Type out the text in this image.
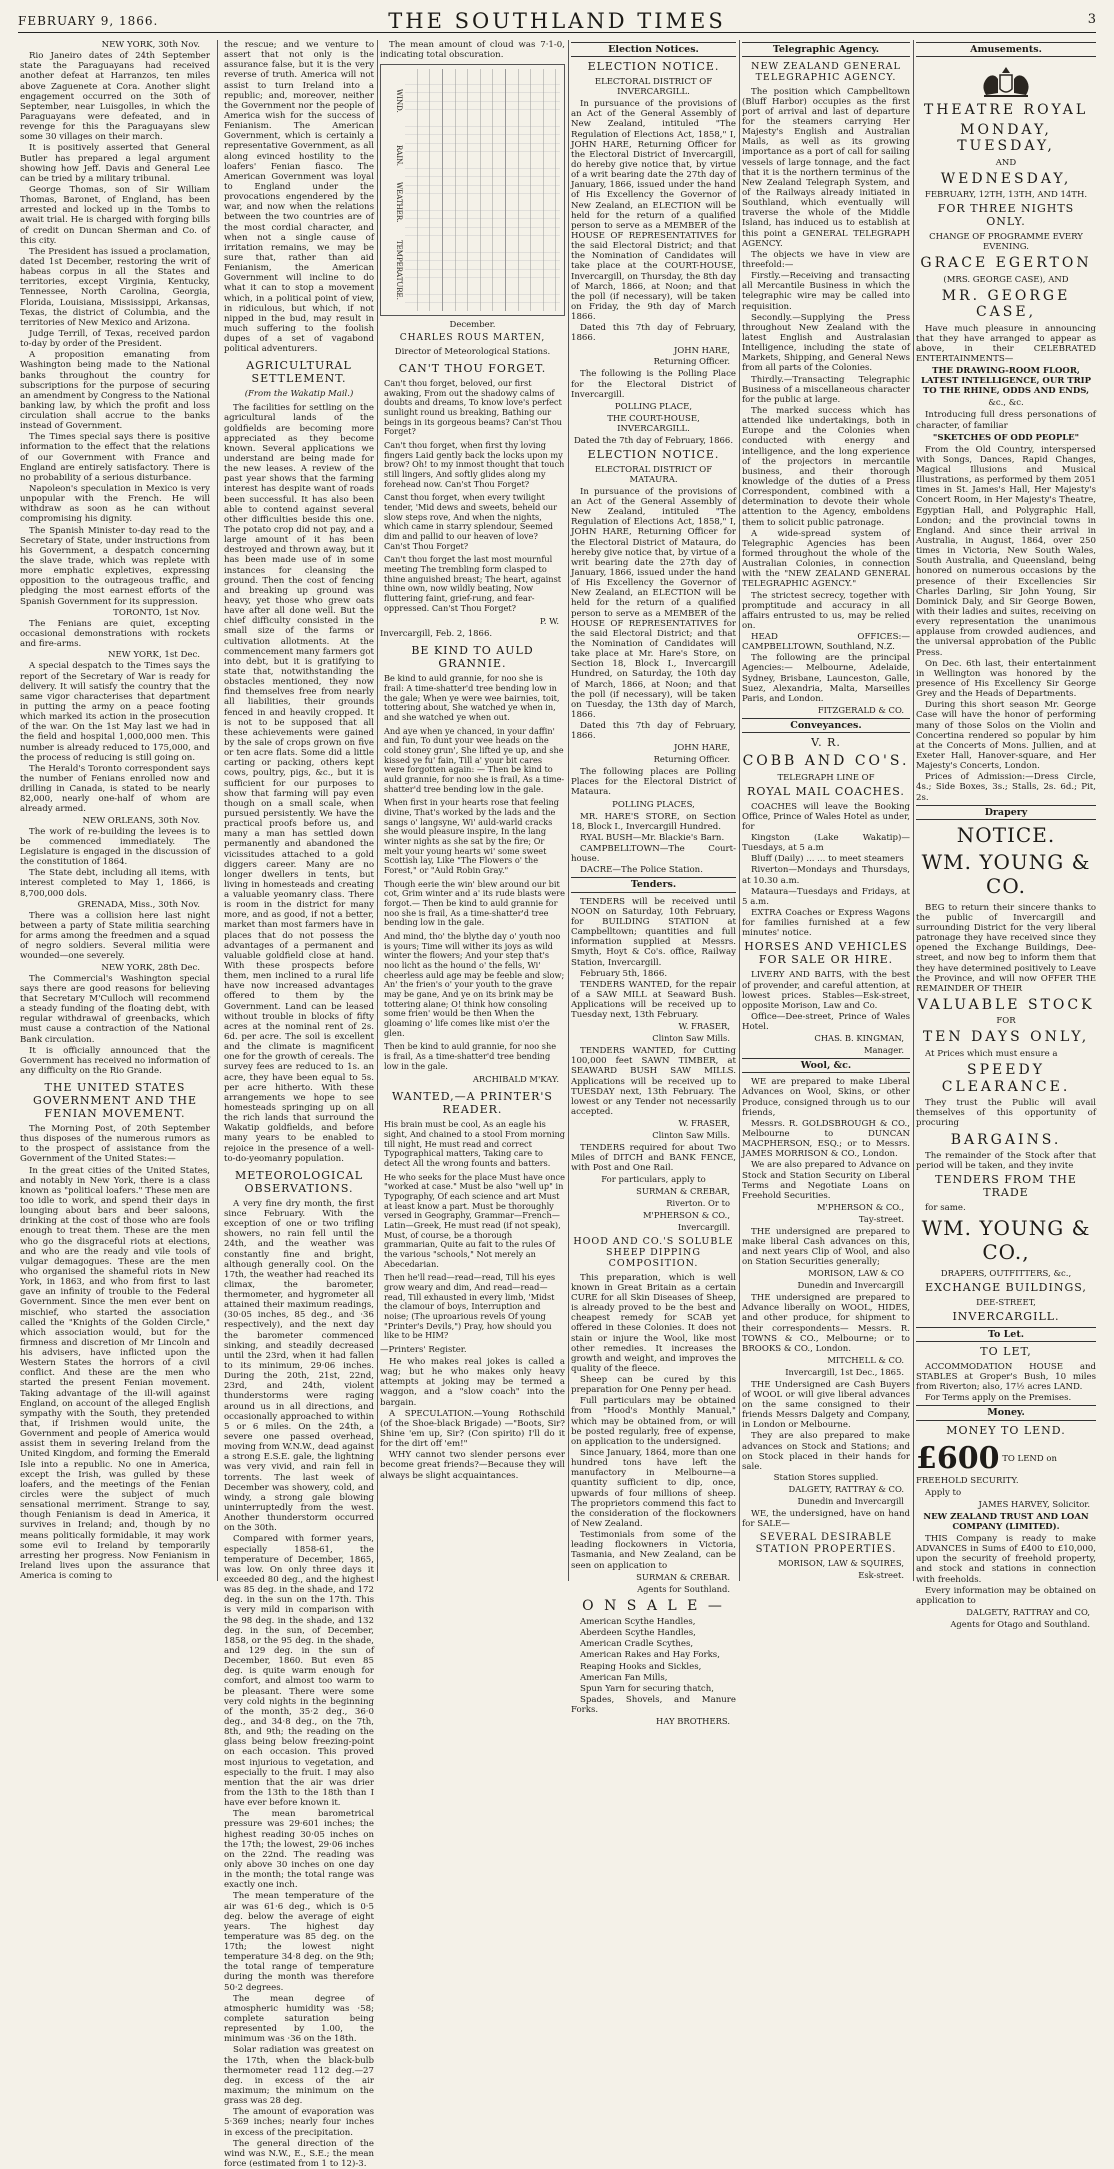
FEBRUARY 9, 1866.	THE SOUTHLAND TIMES	3

NEW YORK, 30th Nov.

Rio Janeiro dates of 24th September state the Paraguayans had received another defeat at Harranzos, ten miles above Zaguenete at Cora. Another slight engagement occurred on the 30th of September, near Luisgolles, in which the Paraguayans were defeated, and in revenge for this the Paraguayans slew some 30 villages on their march.

It is positively asserted that General Butler has prepared a legal argument showing how Jeff. Davis and General Lee can be tried by a military tribunal.

George Thomas, son of Sir William Thomas, Baronet, of England, has been arrested and locked up in the Tombs to await trial. He is charged with forging bills of credit on Duncan Sherman and Co. of this city.

The President has issued a proclamation, dated 1st December, restoring the writ of habeas corpus in all the States and territories, except Virginia, Kentucky, Tennessee, North Carolina, Georgia, Florida, Louisiana, Mississippi, Arkansas, Texas, the district of Columbia, and the territories of New Mexico and Arizona.

Judge Terrill, of Texas, received pardon to-day by order of the President.

A proposition emanating from Washington being made to the National banks throughout the country for subscriptions for the purpose of securing an amendment by Congress to the National banking law, by which the profit and loss circulation shall accrue to the banks instead of Government.

The Times special says there is positive information to the effect that the relations of our Government with France and England are entirely satisfactory. There is no probability of a serious disturbance.

Napoleon's speculation in Mexico is very unpopular with the French. He will withdraw as soon as he can without compromising his dignity.

The Spanish Minister to-day read to the Secretary of State, under instructions from his Government, a despatch concerning the slave trade, which was replete with more emphatic expletives, expressing opposition to the outrageous traffic, and pledging the most earnest efforts of the Spanish Government for its suppression.

TORONTO, 1st Nov.

The Fenians are quiet, excepting occasional demonstrations with rockets and fire-arms.

NEW YORK, 1st Dec.

A special despatch to the Times says the report of the Secretary of War is ready for delivery. It will satisfy the country that the same vigor characterises that department in putting the army on a peace footing which marked its action in the prosecution of the war. On the 1st May last we had in the field and hospital 1,000,000 men. This number is already reduced to 175,000, and the process of reducing is still going on.

The Herald's Toronto correspondent says the number of Fenians enrolled now and drilling in Canada, is stated to be nearly 82,000, nearly one-half of whom are already armed.

NEW ORLEANS, 30th Nov.

The work of re-building the levees is to be commenced immediately. The Legislature is engaged in the discussion of the constitution of 1864.

The State debt, including all items, with interest completed to May 1, 1866, is 8,700,000 dols.

GRENADA, Miss., 30th Nov.

There was a collision here last night between a party of State militia searching for arms among the freedmen and a squad of negro soldiers. Several militia were wounded—one severely.

NEW YORK, 28th Dec.

The Commercial's Washington special says there are good reasons for believing that Secretary M'Culloch will recommend a steady funding of the floating debt, with regular withdrawal of greenbacks, which must cause a contraction of the National Bank circulation.

It is officially announced that the Government has received no information of any difficulty on the Rio Grande.

THE UNITED STATES GOVERNMENT AND THE FENIAN MOVEMENT.

The Morning Post, of 20th September thus disposes of the numerous rumors as to the prospect of assistance from the Government of the United States:—

In the great cities of the United States, and notably in New York, there is a class known as "political loafers." These men are too idle to work, and spend their days in lounging about bars and beer saloons, drinking at the cost of those who are fools enough to treat them. These are the men who go the disgraceful riots at elections, and who are the ready and vile tools of vulgar demagogues. These are the men who organised the shameful riots in New York, in 1863, and who from first to last gave an infinity of trouble to the Federal Government. Since the men ever bent on mischief, who started the association called the "Knights of the Golden Circle," which association would, but for the firmness and discretion of Mr Lincoln and his advisers, have inflicted upon the Western States the horrors of a civil conflict. And these are the men who started the present Fenian movement. Taking advantage of the ill-will against England, on account of the alleged English sympathy with the South, they pretended that, if Irishmen would unite, the Government and people of America would assist them in severing Ireland from the United Kingdom, and forming the Emerald Isle into a republic. No one in America, except the Irish, was gulled by these loafers, and the meetings of the Fenian circles were the subject of much sensational merriment. Strange to say, though Fenianism is dead in America, it survives in Ireland; and, though by no means politically formidable, it may work some evil to Ireland by temporarily arresting her progress. Now Fenianism in Ireland lives upon the assurance that America is coming to

the rescue; and we venture to assert that not only is the assurance false, but it is the very reverse of truth. America will not assist to turn Ireland into a republic; and, moreover, neither the Government nor the people of America wish for the success of Fenianism. The American Government, which is certainly a representative Government, as all along evinced hostility to the loafers' Fenian fiasco. The American Government was loyal to England under the provocations engendered by the war, and now when the relations between the two countries are of the most cordial character, and when not a single cause of irritation remains, we may be sure that, rather than aid Fenianism, the American Government will incline to do what it can to stop a movement which, in a political point of view, in ridiculous, but which, if not nipped in the bud, may result in much suffering to the foolish dupes of a set of vagabond political adventurers.

AGRICULTURAL SETTLEMENT.
(From the Wakatip Mail.)

The facilities for settling on the agricultural lands of the goldfields are becoming more appreciated as they become known. Several applications we understand are being made for the new leases. A review of the past year shows that the farming interest has despite want of roads been successful. It has also been able to contend against several other difficulties beside this one. The potato crop did not pay, and a large amount of it has been destroyed and thrown away, but it has been made use of in some instances for cleansing the ground. Then the cost of fencing and breaking up ground was heavy, yet those who grew oats have after all done well. But the chief difficulty consisted in the small size of the farms or cultivation allotments. At the commencement many farmers got into debt, but it is gratifying to state that, notwithstanding the obstacles mentioned, they now find themselves free from nearly all liabilities, their grounds fenced in and heavily cropped. It is not to be supposed that all these achievements were gained by the sale of crops grown on five or ten acre flats. Some did a little carting or packing, others kept cows, poultry, pigs, &c., but it is sufficient for our purposes to show that farming will pay even though on a small scale, when pursued persistently. We have the practical proofs before us, and many a man has settled down permanently and abandoned the vicissitudes attached to a gold diggers career. Many are no longer dwellers in tents, but living in homesteads and creating a valuable yeomanry class. There is room in the district for many more, and as good, if not a better, market than most farmers have in places that do not possess the advantages of a permanent and valuable goldfield close at hand. With these prospects before them, men inclined to a rural life have now increased advantages offered to them by the Government. Land can be leased without trouble in blocks of fifty acres at the nominal rent of 2s. 6d. per acre. The soil is excellent and the climate is magnificent one for the growth of cereals. The survey fees are reduced to 1s. an acre, they have been equal to 5s. per acre hitherto. With these arrangements we hope to see homesteads springing up on all the rich lands that surround the Wakatip goldfields, and before many years to be enabled to rejoice in the presence of a well-to-do-yeomanry population.

METEOROLOGICAL OBSERVATIONS.

A very fine dry month, the first since February. With the exception of one or two trifling showers, no rain fell until the 24th, and the weather was constantly fine and bright, although generally cool. On the 17th, the weather had reached its climax, the barometer, thermometer, and hygrometer all attained their maximum readings, (30·05 inches, 85 deg., and ·36 respectively), and the next day the barometer commenced sinking, and steadily decreased until the 23rd, when it had fallen to its minimum, 29·06 inches. During the 20th, 21st, 22nd, 23rd, and 24th, violent thunderstorms were raging around us in all directions, and occasionally approached to within 5 or 6 miles. On the 24th, a severe one passed overhead, moving from W.N.W., dead against a strong E.S.E. gale, the lightning was very vivid, and rain fell in torrents. The last week of December was showery, cold, and windy, a strong gale blowing uninterruptedly from the west. Another thunderstorm occurred on the 30th.

Compared with former years, especially 1858-61, the temperature of December, 1865, was low. On only three days it exceeded 80 deg., and the highest was 85 deg. in the shade, and 172 deg. in the sun on the 17th. This is very mild in comparison with the 98 deg. in the shade, and 132 deg. in the sun, of December, 1858, or the 95 deg. in the shade, and 129 deg. in the sun of December, 1860. But even 85 deg. is quite warm enough for comfort, and almost too warm to be pleasant. There were some very cold nights in the beginning of the month, 35·2 deg., 36·0 deg., and 34·8 deg., on the 7th, 8th, and 9th; the reading on the glass being below freezing-point on each occasion. This proved most injurious to vegetation, and especially to the fruit. I may also mention that the air was drier from the 13th to the 18th than I have ever before known it.

The mean barometrical pressure was 29·601 inches; the highest reading 30·05 inches on the 17th; the lowest, 29·06 inches on the 22nd. The reading was only above 30 inches on one day in the month; the total range was exactly one inch.

The mean temperature of the air was 61·6 deg., which is 0·5 deg. below the average of eight years. The highest day temperature was 85 deg. on the 17th; the lowest night temperature 34·8 deg. on the 9th; the total range of temperature during the month was therefore 50·2 degrees.

The mean degree of atmospheric humidity was ·58; complete saturation being represented by 1.00, the minimum was ·36 on the 18th.

Solar radiation was greatest on the 17th, when the black-bulb thermometer read 112 deg.—27 deg. in excess of the air maximum; the minimum on the grass was 28 deg.

The amount of evaporation was 5·369 inches; nearly four inches in excess of the precipitation.

The general direction of the wind was N.W., E., S.E.; the mean force (estimated from 1 to 12)-3.

The mean amount of cloud was 7·1-0, indicating total obscuration.

WIND.
RAIN.
WEATHER.
TEMPERATURE.
December.
CHARLES ROUS MARTEN,
Director of Meteorological Stations.
CAN'T THOU FORGET.

Can't thou forget, beloved, our first awaking, From out the shadowy calms of doubts and dreams, To know love's perfect sunlight round us breaking, Bathing our beings in its gorgeous beams? Can'st Thou Forget?

Can't thou forget, when first thy loving fingers Laid gently back the locks upon my brow? Oh! to my inmost thought that touch still lingers, And softly glides along my forehead now. Can'st Thou Forget?

Canst thou forget, when every twilight tender, 'Mid dews and sweets, beheld our slow steps rove, And when the nights, which came in starry splendour, Seemed dim and pallid to our heaven of love? Can'st Thou Forget?

Can't thou forget the last most mournful meeting The trembling form clasped to thine anguished breast; The heart, against thine own, now wildly beating, Now fluttering faint, grief-rung, and fear-oppressed. Can'st Thou Forget?

P. W.
Invercargill, Feb. 2, 1866.
BE KIND TO AULD GRANNIE.

Be kind to auld grannie, for noo she is frail: A time-shatter'd tree bending low in the gale; When ye were wee bairnies, toit, tottering about, She watched ye when in, and she watched ye when out.

And aye when ye chanced, in your daffin' and fun, To dunt your wee heads on the cold stoney grun', She lifted ye up, and she kissed ye fu' fain, Till a' your bit cares were forgotten again: — Then be kind to auld grannie, for noo she is frail, As a time-shatter'd tree bending low in the gale.

When first in your hearts rose that feeling divine, That's worked by the lads and the sangs o' langsyne, Wi' auld-warld cracks she would pleasure inspire, In the lang winter nights as she sat by the fire; Or melt your young hearts wi' some sweet Scottish lay, Like "The Flowers o' the Forest," or "Auld Robin Gray."

Though eerie the win' blew around our bit cot, Grim winter and a' its rude blasts were forgot.— Then be kind to auld grannie for noo she is frail, As a time-shatter'd tree bending low in the gale.

And mind, tho' the blythe day o' youth noo is yours; Time will wither its joys as wild winter the flowers; And your step that's noo licht as the hound o' the fells, Wi' cheerless auld age may be feeble and slow; An' the frien's o' your youth to the grave may be gane, And ye on its brink may be tottering alane; O! think how consoling some frien' would be then When the gloaming o' life comes like mist o'er the glen.

Then be kind to auld grannie, for noo she is frail, As a time-shatter'd tree bending low in the gale.

ARCHIBALD M'KAY.
WANTED,—A PRINTER'S READER.

His brain must be cool, As an eagle his sight, And chained to a stool From morning till night, He must read and correct Typographical matters, Taking care to detect All the wrong founts and batters.

He who seeks for the place Must have once "worked at case." Must be also "well up" in Typography, Of each science and art Must at least know a part. Must be thoroughly versed in Geography, Grammar—French—Latin—Greek, He must read (if not speak), Must, of course, be a thorough grammarian, Quite au fait to the rules Of the various "schools," Not merely an Abecedarian.

Then he'll read—read—read, Till his eyes grow weary and dim, And read—read—read, Till exhausted in every limb, 'Midst the clamour of boys, Interruption and noise; (The uproarious revels Of young "Printer's Devils,") Pray, how should you like to be HIM?

—Printers' Register.

He who makes real jokes is called a wag; but he who makes only heavy attempts at joking may be termed a waggon, and a "slow coach" into the bargain.

A SPECULATION.—Young Rothschild (of the Shoe-black Brigade) —"Boots, Sir? Shine 'em up, Sir? (Con spirito) I'll do it for the dirt off 'em!"

WHY cannot two slender persons ever become great friends?—Because they will always be slight acquaintances.

Election Notices.
ELECTION NOTICE.
ELECTORAL DISTRICT OF INVERCARGILL.

In pursuance of the provisions of an Act of the General Assembly of New Zealand, intituled "The Regulation of Elections Act, 1858," I, JOHN HARE, Returning Officer for the Electoral District of Invercargill, do hereby give notice that, by virtue of a writ bearing date the 27th day of January, 1866, issued under the hand of His Excellency the Governor of New Zealand, an ELECTION will be held for the return of a qualified person to serve as a MEMBER of the HOUSE OF REPRESENTATIVES for the said Electoral District; and that the Nomination of Candidates will take place at the COURT-HOUSE, Invercargill, on Thursday, the 8th day of March, 1866, at Noon; and that the poll (if necessary), will be taken on Friday, the 9th day of March 1866.

Dated this 7th day of February, 1866.

JOHN HARE,
Returning Officer.

The following is the Polling Place for the Electoral District of Invercargill.

POLLING PLACE,
THE COURT-HOUSE, INVERCARGILL.
Dated the 7th day of February, 1866.
ELECTION NOTICE.
ELECTORAL DISTRICT OF MATAURA.

In pursuance of the provisions of an Act of the General Assembly of New Zealand, intituled "The Regulation of Elections Act, 1858," I, JOHN HARE, Returning Officer for the Electoral District of Mataura, do hereby give notice that, by virtue of a writ bearing date the 27th day of January, 1866, issued under the hand of His Excellency the Governor of New Zealand, an ELECTION will be held for the return of a qualified person to serve as a MEMBER of the HOUSE OF REPRESENTATIVES for the said Electoral District; and that the Nomination of Candidates will take place at Mr. Hare's Store, on Section 18, Block I., Invercargill Hundred, on Saturday, the 10th day of March, 1866, at Noon; and that the poll (if necessary), will be taken on Tuesday, the 13th day of March, 1866.

Dated this 7th day of February, 1866.

JOHN HARE,
Returning Officer.

The following places are Polling Places for the Electoral District of Mataura.

POLLING PLACES,

MR. HARE'S STORE, on Section 18, Block I., Invercargill Hundred.

RYAL BUSH—Mr. Blackie's Barn.

CAMPBELLTOWN—The Court-house.

DACRE—The Police Station.

Tenders.

TENDERS will be received until NOON on Saturday, 10th February, for BUILDING STATION at Campbelltown; quantities and full information supplied at Messrs. Smyth, Hoyt & Co's. office, Railway Station, Invercargill.

February 5th, 1866.

TENDERS WANTED, for the repair of a SAW MILL at Seaward Bush. Applications will be received up to Tuesday next, 13th February.

W. FRASER,
Clinton Saw Mills.

TENDERS WANTED, for Cutting 100,000 feet SAWN TIMBER, at SEAWARD BUSH SAW MILLS. Applications will be received up to TUESDAY next, 13th February. The lowest or any Tender not necessarily accepted.

W. FRASER,
Clinton Saw Mills.

TENDERS required for about Two Miles of DITCH and BANK FENCE, with Post and One Rail.

For particulars, apply to
SURMAN & CREBAR,
Riverton. Or to
M'PHERSON & CO.,
Invercargill.
HOOD AND CO.'S SOLUBLE SHEEP DIPPING COMPOSITION.

This preparation, which is well known in Great Britain as a certain CURE for all Skin Diseases of Sheep, is already proved to be the best and cheapest remedy for SCAB yet offered in these Colonies. It does not stain or injure the Wool, like most other remedies. It increases the growth and weight, and improves the quality of the fleece.

Sheep can be cured by this preparation for One Penny per head.

Full particulars may be obtained from "Hood's Monthly Manual," which may be obtained from, or will be posted regularly, free of expense, on application to the undersigned.

Since January, 1864, more than one hundred tons have left the manufactory in Melbourne—a quantity sufficient to dip, once, upwards of four millions of sheep. The proprietors commend this fact to the consideration of the flockowners of New Zealand.

Testimonials from some of the leading flockowners in Victoria, Tasmania, and New Zealand, can be seen on application to

SURMAN & CREBAR.
Agents for Southland.
O N S A L E —

American Scythe Handles,

Aberdeen Scythe Handles,

American Cradle Scythes,

American Rakes and Hay Forks,

Reaping Hooks and Sickles,

American Fan Mills,

Spun Yarn for securing thatch,

Spades, Shovels, and Manure Forks.

HAY BROTHERS.
Telegraphic Agency.
NEW ZEALAND GENERAL TELEGRAPHIC AGENCY.

The position which Campbelltown (Bluff Harbor) occupies as the first port of arrival and last of departure for the steamers carrying Her Majesty's English and Australian Mails, as well as its growing importance as a port of call for sailing vessels of large tonnage, and the fact that it is the northern terminus of the New Zealand Telegraph System, and of the Railways already initiated in Southland, which eventually will traverse the whole of the Middle Island, has induced us to establish at this point a GENERAL TELEGRAPH AGENCY.

The objects we have in view are threefold:—

Firstly.—Receiving and transacting all Mercantile Business in which the telegraphic wire may be called into requisition.

Secondly.—Supplying the Press throughout New Zealand with the latest English and Australasian Intelligence, including the state of Markets, Shipping, and General News from all parts of the Colonies.

Thirdly.—Transacting Telegraphic Business of a miscellaneous character for the public at large.

The marked success which has attended like undertakings, both in Europe and the Colonies when conducted with energy and intelligence, and the long experience of the projectors in mercantile business, and their thorough knowledge of the duties of a Press Correspondent, combined with a determination to devote their whole attention to the Agency, emboldens them to solicit public patronage.

A wide-spread system of Telegraphic Agencies has been formed throughout the whole of the Australian Colonies, in connection with the "NEW ZEALAND GENERAL TELEGRAPHIC AGENCY."

The strictest secrecy, together with promptitude and accuracy in all affairs entrusted to us, may be relied on.

HEAD OFFICES:—CAMPBELLTOWN, Southland, N.Z.

The following are the principal Agencies:— Melbourne, Adelaide, Sydney, Brisbane, Launceston, Galle, Suez, Alexandria, Malta, Marseilles Paris, and London.

FITZGERALD & CO.
Conveyances.
V. R.
COBB AND CO'S.
TELEGRAPH LINE OF
ROYAL MAIL COACHES.

COACHES will leave the Booking Office, Prince of Wales Hotel as under, for

Kingston (Lake Wakatip)—Tuesdays, at 5 a.m

Bluff (Daily) ... ... to meet steamers

Riverton—Mondays and Thursdays, at 10.30 a.m.

Mataura—Tuesdays and Fridays, at 5 a.m.

EXTRA Coaches or Express Wagons for families furnished at a few minutes' notice.

HORSES AND VEHICLES FOR SALE OR HIRE.

LIVERY AND BAITS, with the best of provender, and careful attention, at lowest prices. Stables—Esk-street, opposite Morison, Law and Co.

Office—Dee-street, Prince of Wales Hotel.

CHAS. B. KINGMAN,
Manager.
Wool, &c.

WE are prepared to make Liberal Advances on Wool, Skins, or other Produce, consigned through us to our friends,

Messrs. R. GOLDSBROUGH & CO., Melbourne to DUNCAN MACPHERSON, ESQ.; or to Messrs. JAMES MORRISON & CO., London.

We are also prepared to Advance on Stock and Station Security on Liberal Terms and Negotiate Loans on Freehold Securities.

M'PHERSON & CO.,
Tay-street.

THE undersigned are prepared to make liberal Cash advances on this, and next years Clip of Wool, and also on Station Securities generally;

MORISON, LAW & CO
Dunedin and Invercargill

THE undersigned are prepared to Advance liberally on WOOL, HIDES, and other produce, for shipment to their correspondents— Messrs. R. TOWNS & CO., Melbourne; or to BROOKS & CO., London.

MITCHELL & CO.
Invercargill, 1st Dec., 1865.

THE Undersigned are Cash Buyers of WOOL or will give liberal advances on the same consigned to their friends Messrs Dalgety and Company, in London or Melbourne.

They are also prepared to make advances on Stock and Stations; and on Stock placed in their hands for sale.

Station Stores supplied.

DALGETY, RATTRAY & CO.
Dunedin and Invercargill

WE, the undersigned, have on hand for SALE—

SEVERAL DESIRABLE STATION PROPERTIES.
MORISON, LAW & SQUIRES,
Esk-street.
Amusements.
THEATRE ROYAL
MONDAY, TUESDAY,
AND
WEDNESDAY,
FEBRUARY, 12TH, 13TH, AND 14TH.
FOR THREE NIGHTS ONLY.
CHANGE OF PROGRAMME EVERY EVENING.
GRACE EGERTON
(MRS. GEORGE CASE), AND
MR. GEORGE CASE,

Have much pleasure in announcing that they have arranged to appear as above, in their CELEBRATED ENTERTAINMENTS—

THE DRAWING-ROOM FLOOR, LATEST INTELLIGENCE, OUR TRIP TO THE RHINE, ODDS AND ENDS,
&c., &c.

Introducing full dress personations of character, of familiar

"SKETCHES OF ODD PEOPLE"

From the Old Country, interspersed with Songs, Dances, Rapid Changes, Magical Illusions and Musical Illustrations, as performed by them 2051 times in St. James's Hall, Her Majesty's Concert Room, in Her Majesty's Theatre, Egyptian Hall, and Polygraphic Hall, London; and the provincial towns in England. And since their arrival in Australia, in August, 1864, over 250 times in Victoria, New South Wales, South Australia, and Queensland, being honored on numerous occasions by the presence of their Excellencies Sir Charles Darling, Sir John Young, Sir Dominick Daly, and Sir George Bowen, with their ladies and suites, receiving on every representation the unanimous applause from crowded audiences, and the universal approbation of the Public Press.

On Dec. 6th last, their entertainment in Wellington was honored by the presence of His Excellency Sir George Grey and the Heads of Departments.

During this short season Mr. George Case will have the honor of performing many of those Solos on the Violin and Concertina rendered so popular by him at the Concerts of Mons. Jullien, and at Exeter Hall, Hanover-square, and Her Majesty's Concerts, London.

Prices of Admission:—Dress Circle, 4s.; Side Boxes, 3s.; Stalls, 2s. 6d.; Pit, 2s.

Drapery
NOTICE.
WM. YOUNG & CO.

BEG to return their sincere thanks to the public of Invercargill and surrounding District for the very liberal patronage they have received since they opened the Exchange Buildings, Dee-street, and now beg to inform them that they have determined positively to Leave the Province, and will now OFFER THE REMAINDER OF THEIR

VALUABLE STOCK
FOR
TEN DAYS ONLY,

At Prices which must ensure a

SPEEDY CLEARANCE.

They trust the Public will avail themselves of this opportunity of procuring

BARGAINS.

The remainder of the Stock after that period will be taken, and they invite

TENDERS FROM THE TRADE

for same.

WM. YOUNG & CO.,
DRAPERS, OUTFITTERS, &c.,
EXCHANGE BUILDINGS,
DEE-STREET,
INVERCARGILL.
To Let.
TO LET,

ACCOMMODATION HOUSE and STABLES at Groper's Bush, 10 miles from Riverton; also, 17½ acres LAND.

For Terms apply on the Premises.

Money.
MONEY TO LEND.
£600 TO LEND on FREEHOLD SECURITY.

Apply to

JAMES HARVEY, Solicitor.
NEW ZEALAND TRUST AND LOAN COMPANY (LIMITED).

THIS Company is ready to make ADVANCES in Sums of £400 to £10,000, upon the security of freehold property, and stock and stations in connection with freeholds.

Every information may be obtained on application to

DALGETY, RATTRAY and CO,
Agents for Otago and Southland.
